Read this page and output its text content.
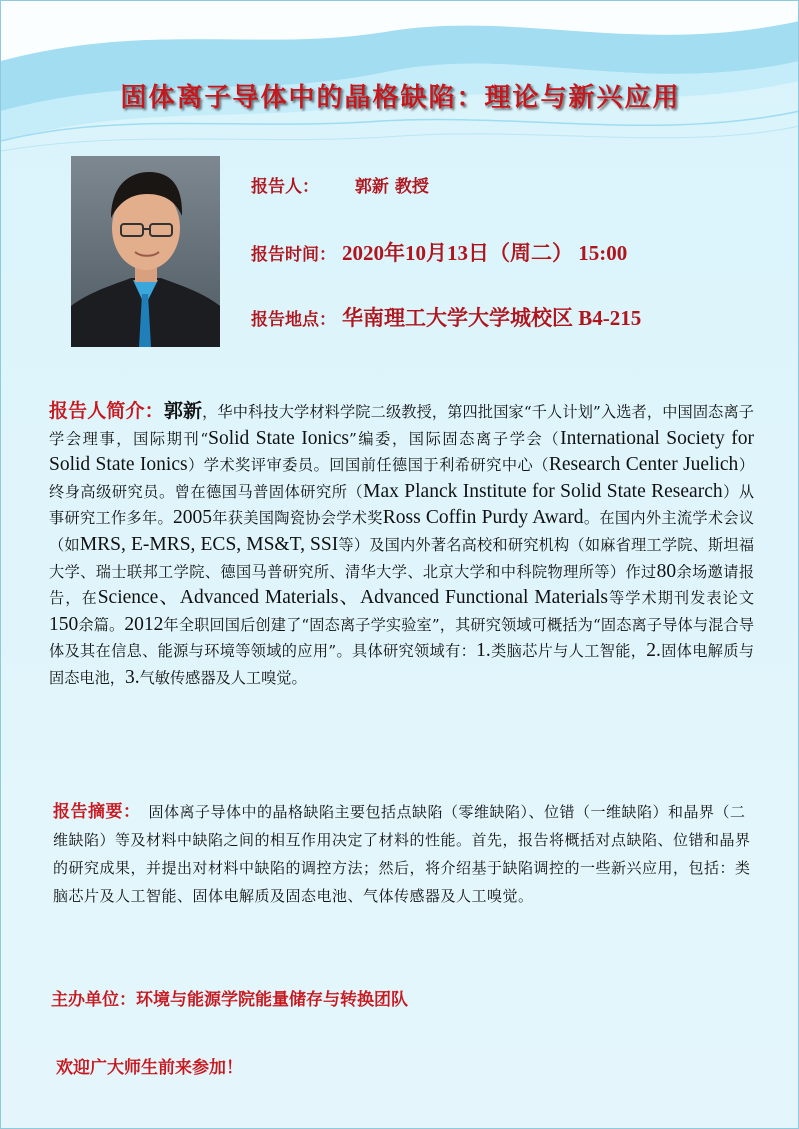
固体离子导体中的晶格缺陷：理论与新兴应用
报告人： 郭新 教授
报告时间： 2020年10月13日（周二） 15:00
报告地点： 华南理工大学大学城校区 B4-215
报告人简介：郭新，华中科技大学材料学院二级教授，第四批国家“千人计划”入选者，中国固态离子学会理事，国际期刊“Solid State Ionics”编委，国际固态离子学会（International Society for Solid State Ionics）学术奖评审委员。回国前任德国于利希研究中心（Research Center Juelich）终身高级研究员。曾在德国马普固体研究所（Max Planck Institute for Solid State Research）从事研究工作多年。2005年获美国陶瓷协会学术奖Ross Coffin Purdy Award。在国内外主流学术会议（如MRS, E-MRS, ECS, MS&T, SSI等）及国内外著名高校和研究机构（如麻省理工学院、斯坦福大学、瑞士联邦工学院、德国马普研究所、清华大学、北京大学和中科院物理所等）作过80余场邀请报告，在Science、Advanced Materials、Advanced Functional Materials等学术期刊发表论文150余篇。2012年全职回国后创建了“固态离子学实验室”，其研究领域可概括为“固态离子导体与混合导体及其在信息、能源与环境等领域的应用”。具体研究领域有：1.类脑芯片与人工智能，2.固体电解质与固态电池，3.气敏传感器及人工嗅觉。
报告摘要： 固体离子导体中的晶格缺陷主要包括点缺陷（零维缺陷）、位错（一维缺陷）和晶界（二维缺陷）等及材料中缺陷之间的相互作用决定了材料的性能。首先，报告将概括对点缺陷、位错和晶界的研究成果，并提出对材料中缺陷的调控方法；然后，将介绍基于缺陷调控的一些新兴应用，包括：类脑芯片及人工智能、固体电解质及固态电池、气体传感器及人工嗅觉。
主办单位：环境与能源学院能量储存与转换团队
欢迎广大师生前来参加！
